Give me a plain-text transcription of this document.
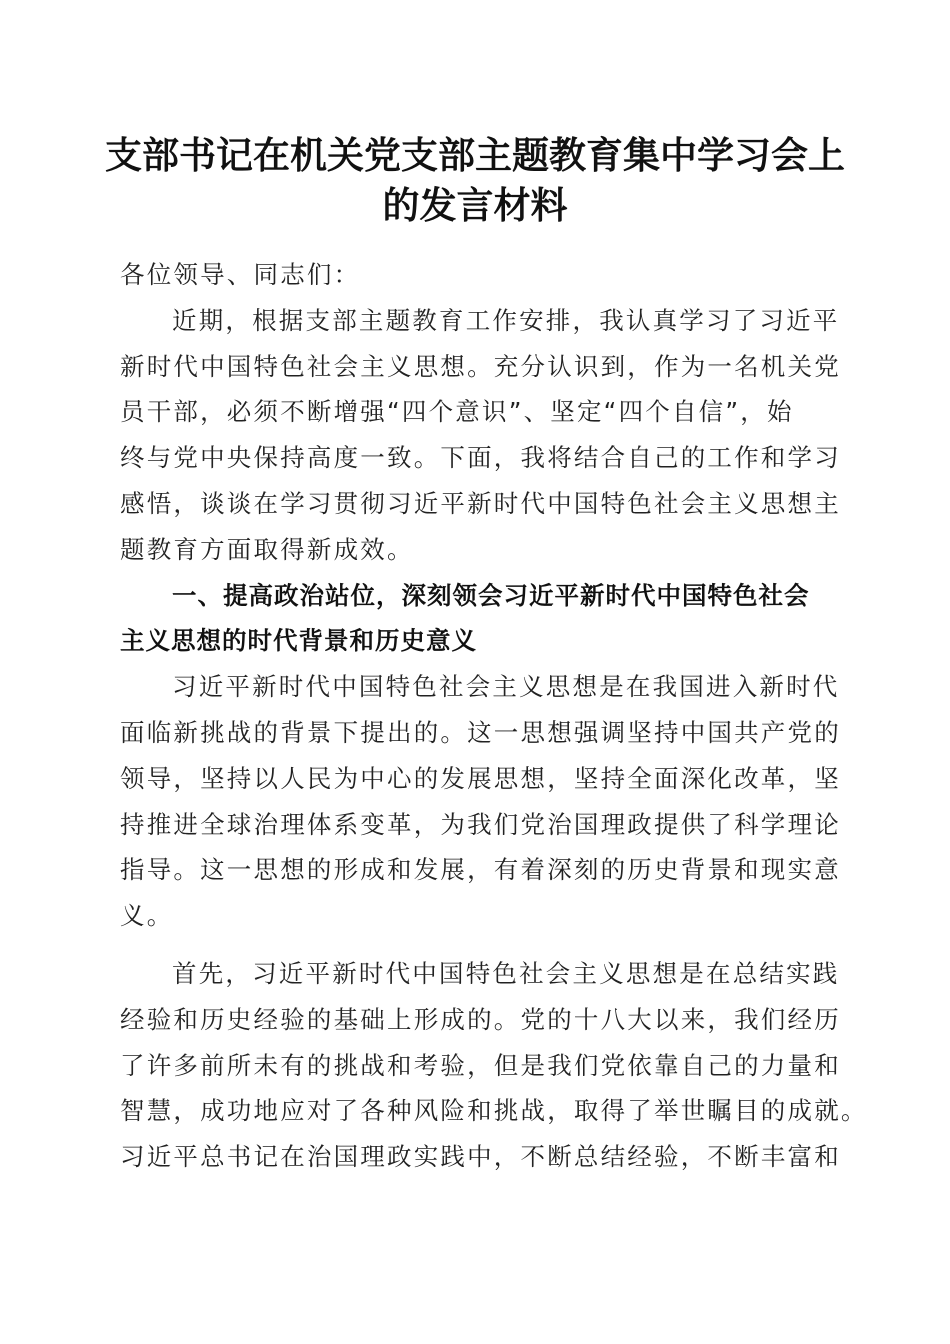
支部书记在机关党支部主题教育集中学习会上
的发言材料
各位领导、同志们：
近期，根据支部主题教育工作安排，我认真学习了习近平
新时代中国特色社会主义思想。充分认识到，作为一名机关党
员干部，必须不断增强“四个意识”、坚定“四个自信”，始
终与党中央保持高度一致。下面，我将结合自己的工作和学习
感悟，谈谈在学习贯彻习近平新时代中国特色社会主义思想主
题教育方面取得新成效。
一、提高政治站位，深刻领会习近平新时代中国特色社会
主义思想的时代背景和历史意义
习近平新时代中国特色社会主义思想是在我国进入新时代
面临新挑战的背景下提出的。这一思想强调坚持中国共产党的
领导，坚持以人民为中心的发展思想，坚持全面深化改革，坚
持推进全球治理体系变革，为我们党治国理政提供了科学理论
指导。这一思想的形成和发展，有着深刻的历史背景和现实意
义。
首先，习近平新时代中国特色社会主义思想是在总结实践
经验和历史经验的基础上形成的。党的十八大以来，我们经历
了许多前所未有的挑战和考验，但是我们党依靠自己的力量和
智慧，成功地应对了各种风险和挑战，取得了举世瞩目的成就。
习近平总书记在治国理政实践中，不断总结经验，不断丰富和
